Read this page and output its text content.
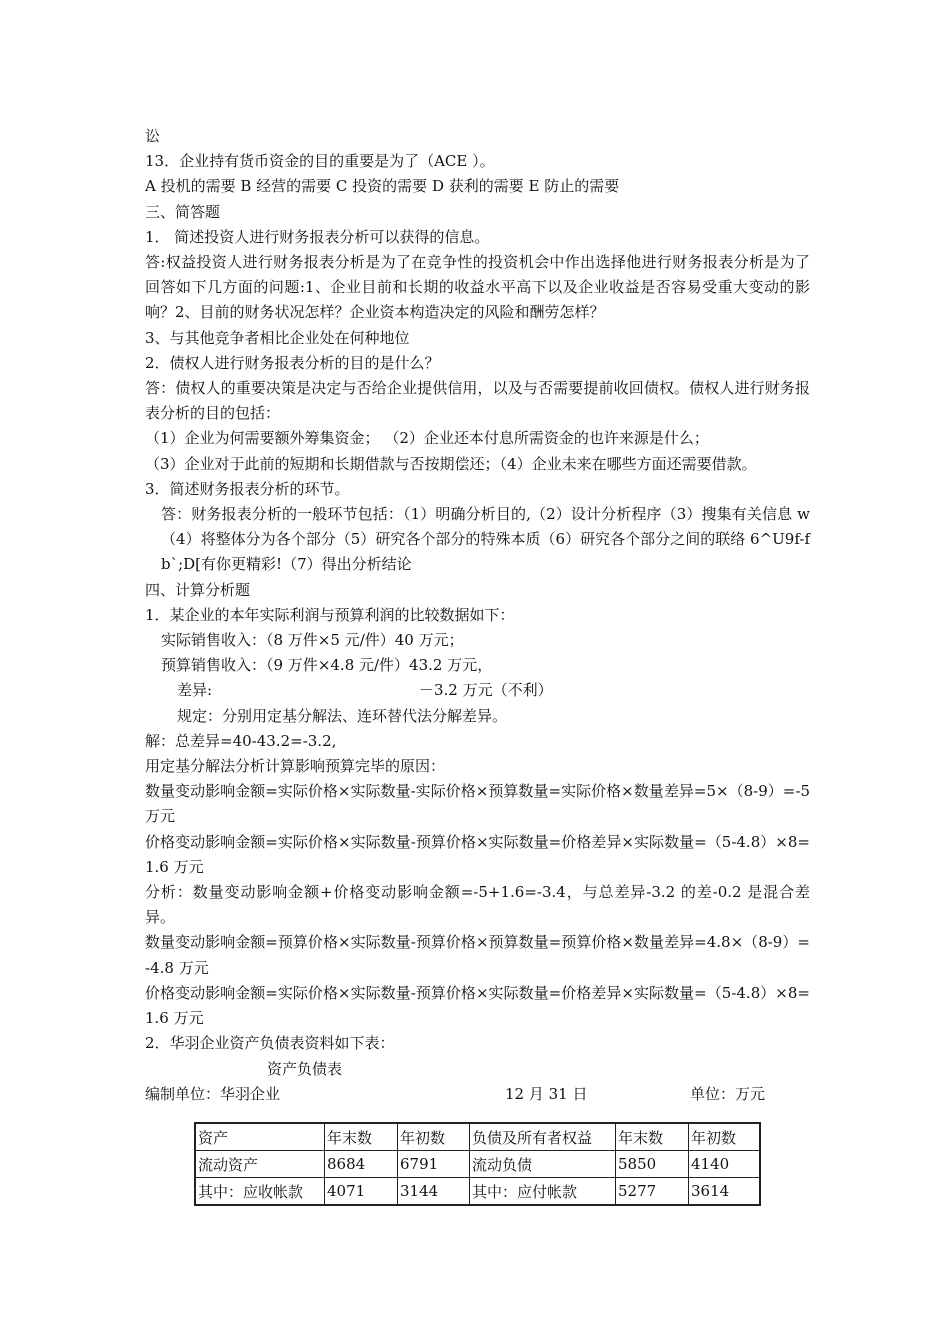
讼
13．企业持有货币资金的目的重要是为了（ACE ）。
A 投机的需要 B 经营的需要 C 投资的需要 D 获利的需要 E 防止的需要
三、简答题
1． 简述投资人进行财务报表分析可以获得的信息。
答:权益投资人进行财务报表分析是为了在竞争性的投资机会中作出选择他进行财务报表分析是为了回答如下几方面的问题:1、企业目前和长期的收益水平高下以及企业收益是否容易受重大变动的影响？2、目前的财务状况怎样？企业资本构造决定的风险和酬劳怎样？
3、与其他竞争者相比企业处在何种地位
2．债权人进行财务报表分析的目的是什么？
答：债权人的重要决策是决定与否给企业提供信用，以及与否需要提前收回债权。债权人进行财务报表分析的目的包括：
（1）企业为何需要额外筹集资金； （2）企业还本付息所需资金的也许来源是什么；
（3）企业对于此前的短期和长期借款与否按期偿还；（4）企业未来在哪些方面还需要借款。
3．简述财务报表分析的环节。
答：财务报表分析的一般环节包括：（1）明确分析目的,（2）设计分析程序（3）搜集有关信息 w（4）将整体分为各个部分（5）研究各个部分的特殊本质（6）研究各个部分之间的联络 6^U9f-f b`;D[有你更精彩!（7）得出分析结论
四、计算分析题
1．某企业的本年实际利润与预算利润的比较数据如下：
实际销售收入：（8 万件×5 元/件）40 万元；
预算销售收入：（9 万件×4.8 元/件）43.2 万元，
差异:	－3.2 万元（不利）
规定：分别用定基分解法、连环替代法分解差异。
解：总差异=40-43.2=-3.2,
用定基分解法分析计算影响预算完毕的原因：
数量变动影响金额=实际价格×实际数量-实际价格×预算数量=实际价格×数量差异=5×（8-9）=-5 万元
价格变动影响金额=实际价格×实际数量-预算价格×实际数量=价格差异×实际数量=（5-4.8）×8=1.6 万元
分析：数量变动影响金额+价格变动影响金额=-5+1.6=-3.4，与总差异-3.2 的差-0.2 是混合差异。
数量变动影响金额=预算价格×实际数量-预算价格×预算数量=预算价格×数量差异=4.8×（8-9）=-4.8 万元
价格变动影响金额=实际价格×实际数量-预算价格×实际数量=价格差异×实际数量=（5-4.8）×8=1.6 万元
2．华羽企业资产负债表资料如下表：
资产负债表
编制单位：华羽企业	12 月 31 日	单位：万元
资产	年末数	年初数	负债及所有者权益	年末数	年初数
流动资产	8684	6791	流动负债	5850	4140
其中：应收帐款	4071	3144	其中：应付帐款	5277	3614
